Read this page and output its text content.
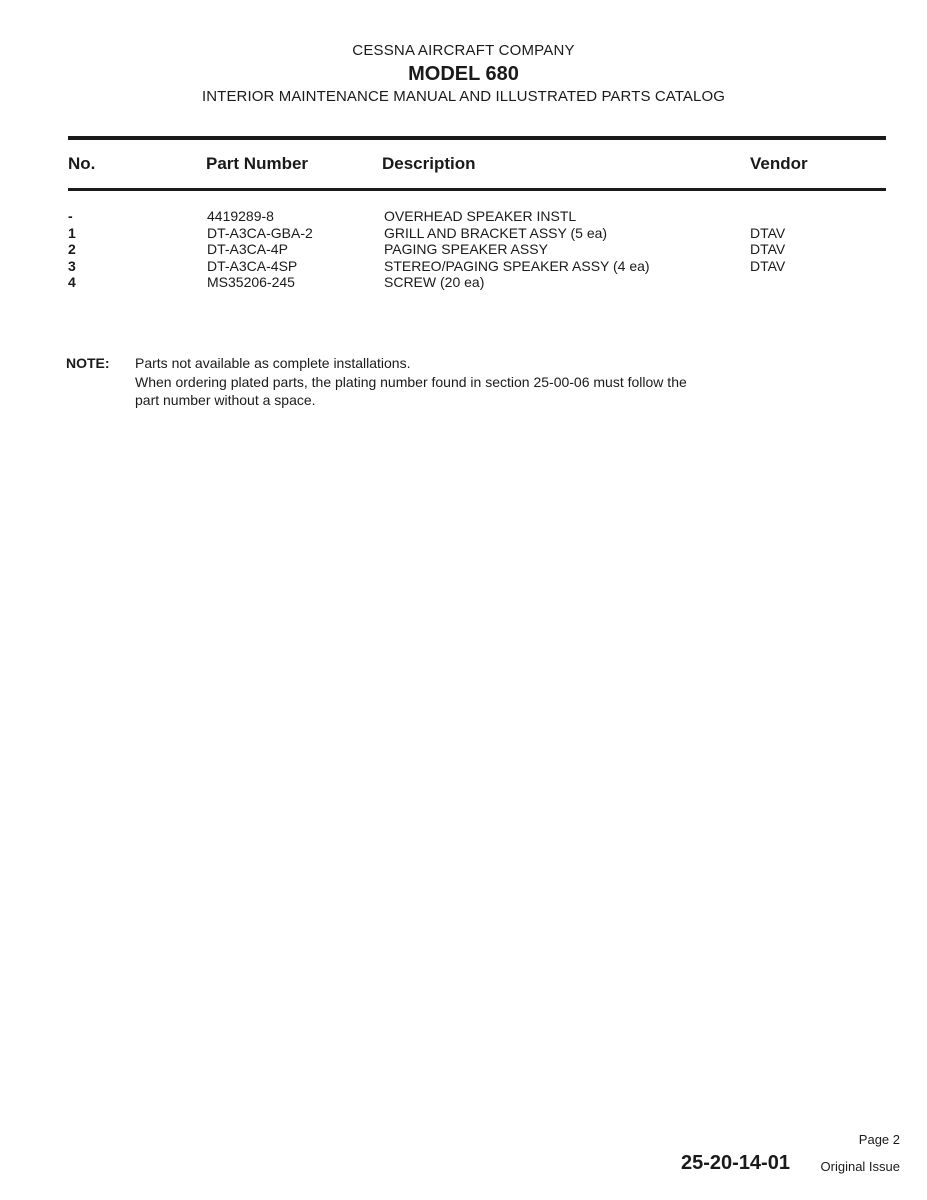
CESSNA AIRCRAFT COMPANY
MODEL 680
INTERIOR MAINTENANCE MANUAL AND ILLUSTRATED PARTS CATALOG
No.	Part Number	Description	Vendor
-	4419289-8	OVERHEAD SPEAKER INSTL
1	DT-A3CA-GBA-2	GRILL AND BRACKET ASSY (5 ea)	DTAV
2	DT-A3CA-4P	PAGING SPEAKER ASSY	DTAV
3	DT-A3CA-4SP	STEREO/PAGING SPEAKER ASSY (4 ea)	DTAV
4	MS35206-245	SCREW (20 ea)
NOTE: Parts not available as complete installations.
When ordering plated parts, the plating number found in section 25-00-06 must follow the
part number without a space.
Page 2
25-20-14-01 Original Issue
